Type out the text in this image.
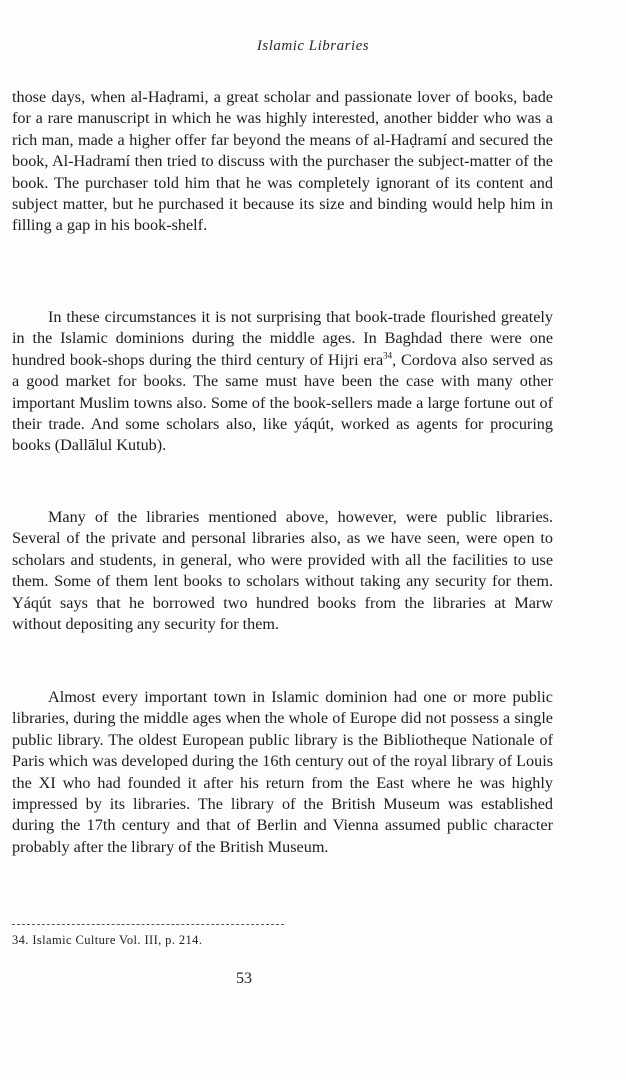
Islamic Libraries

those days, when al-Haḍrami, a great scholar and passionate lover of books, bade for a rare manuscript in which he was highly interested, another bidder who was a rich man, made a higher offer far beyond the means of al-Haḍramí and secured the book, Al-Hadramí then tried to discuss with the purchaser the subject-matter of the book. The purchaser told him that he was completely ignorant of its content and subject matter, but he purchased it because its size and binding would help him in filling a gap in his book-shelf.

In these circumstances it is not surprising that book-trade flourished greately in the Islamic dominions during the middle ages. In Baghdad there were one hundred book-shops during the third century of Hijri era$^{34}$, Cordova also served as a good market for books. The same must have been the case with many other important Muslim towns also. Some of the book-sellers made a large fortune out of their trade. And some scholars also, like yáqút, worked as agents for procuring books (Dallālul Kutub).

Many of the libraries mentioned above, however, were public libraries. Several of the private and personal libraries also, as we have seen, were open to scholars and students, in general, who were provided with all the facilities to use them. Some of them lent books to scholars without taking any security for them. Yáqút says that he borrowed two hundred books from the libraries at Marw without depositing any security for them.

Almost every important town in Islamic dominion had one or more public libraries, during the middle ages when the whole of Europe did not possess a single public library. The oldest European public library is the Bibliotheque Nationale of Paris which was developed during the 16th century out of the royal library of Louis the XI who had founded it after his return from the East where he was highly impressed by its libraries. The library of the British Museum was established during the 17th century and that of Berlin and Vienna assumed public character probably after the library of the British Museum.

34. Islamic Culture Vol. III, p. 214.
53
